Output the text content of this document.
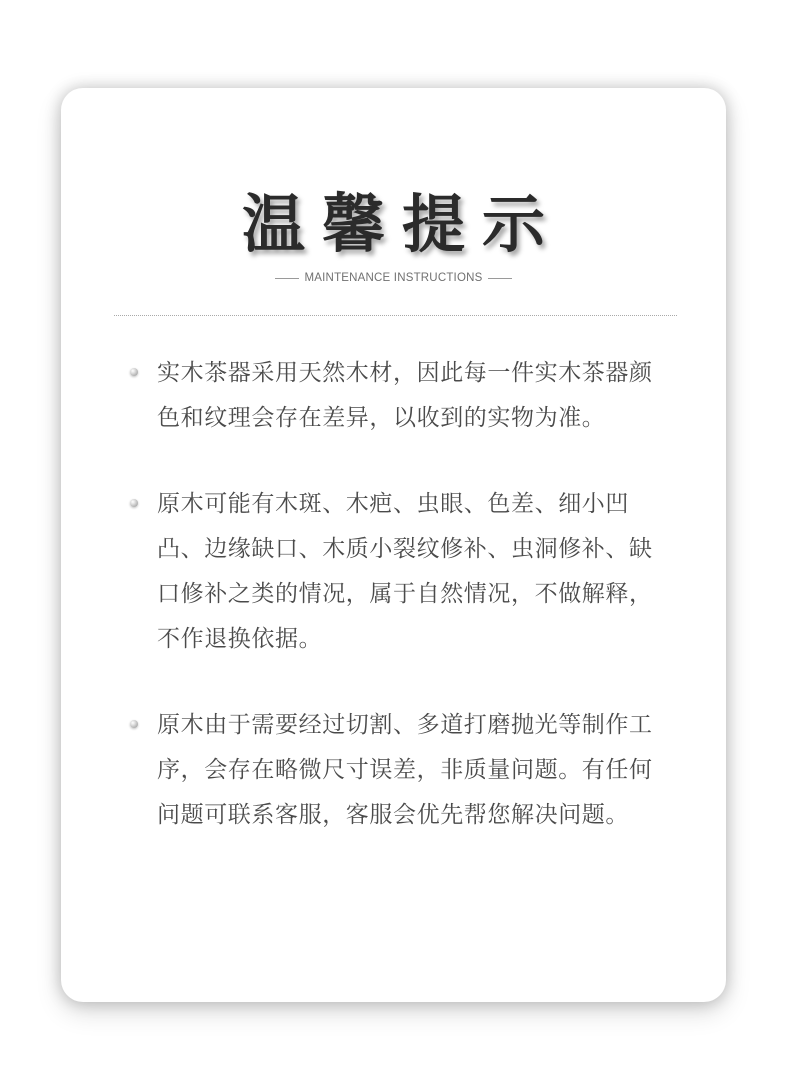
温馨提示
MAINTENANCE INSTRUCTIONS
实木茶器采用天然木材，因此每一件实木茶器颜色和纹理会存在差异，以收到的实物为准。
原木可能有木斑、木疤、虫眼、色差、细小凹凸、边缘缺口、木质小裂纹修补、虫洞修补、缺口修补之类的情况，属于自然情况，不做解释，不作退换依据。
原木由于需要经过切割、多道打磨抛光等制作工序，会存在略微尺寸误差，非质量问题。有任何问题可联系客服，客服会优先帮您解决问题。
